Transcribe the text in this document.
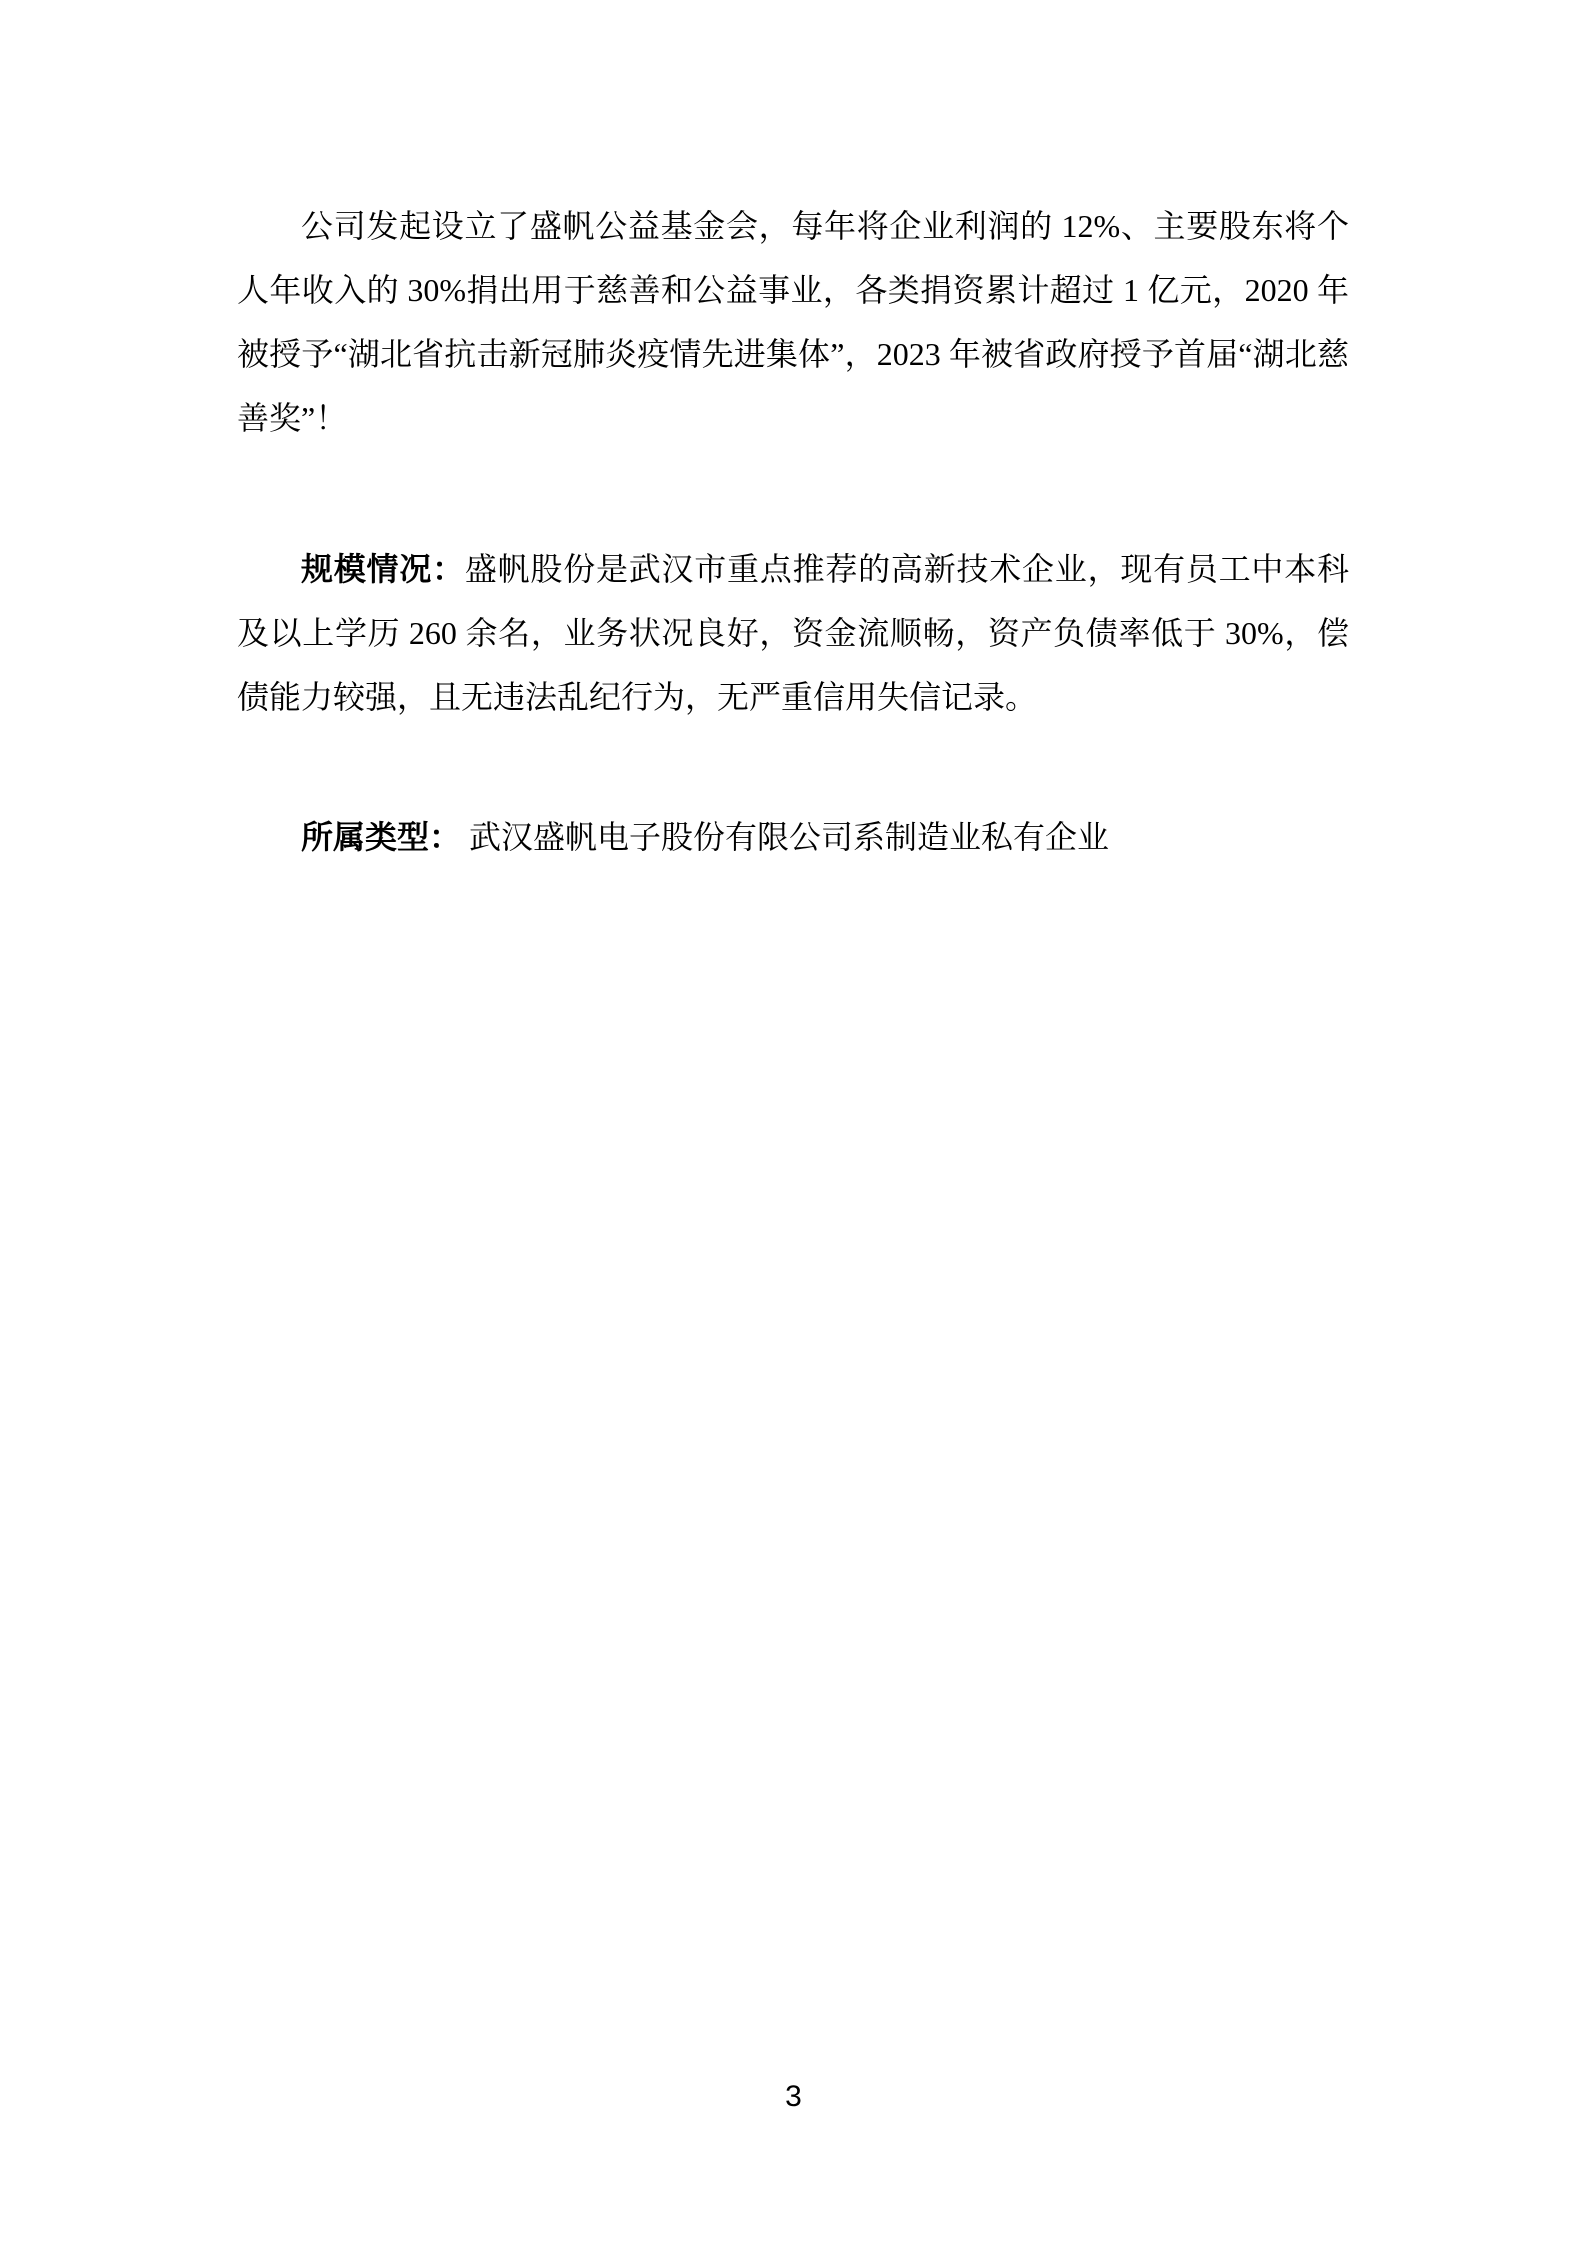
公司发起设立了盛帆公益基金会，每年将企业利润的 12%、主要股东将个人年收入的 30%捐出用于慈善和公益事业，各类捐资累计超过 1 亿元，2020 年被授予“湖北省抗击新冠肺炎疫情先进集体”，2023 年被省政府授予首届“湖北慈善奖”！

规模情况：盛帆股份是武汉市重点推荐的高新技术企业，现有员工中本科及以上学历 260 余名，业务状况良好，资金流顺畅，资产负债率低于 30%，偿债能力较强，且无违法乱纪行为，无严重信用失信记录。

所属类型： 武汉盛帆电子股份有限公司系制造业私有企业

3
